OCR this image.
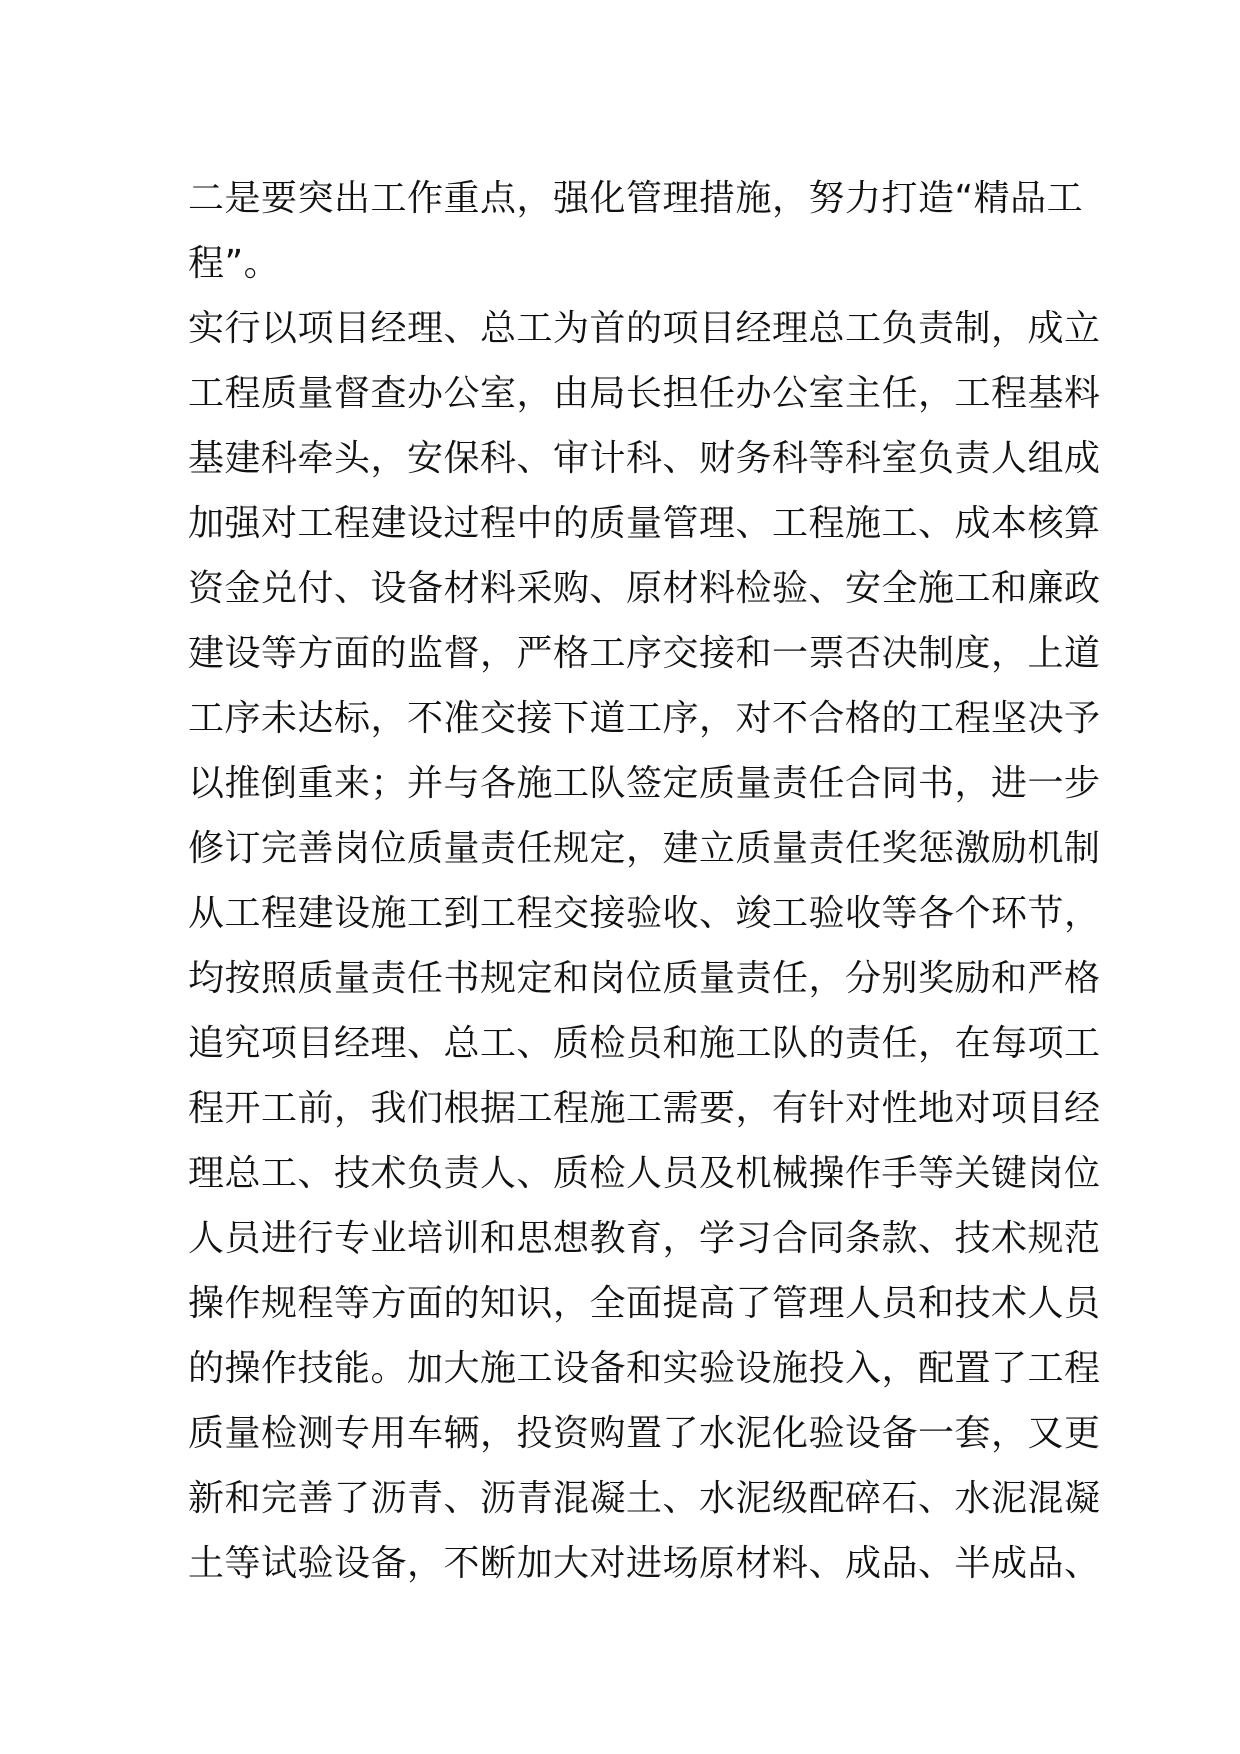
二是要突出工作重点，强化管理措施，努力打造“精品工
程”。
实行以项目经理、总工为首的项目经理总工负责制，成立
工程质量督查办公室，由局长担任办公室主任，工程基料
基建科牵头，安保科、审计科、财务科等科室负责人组成
加强对工程建设过程中的质量管理、工程施工、成本核算
资金兑付、设备材料采购、原材料检验、安全施工和廉政
建设等方面的监督，严格工序交接和一票否决制度，上道
工序未达标，不准交接下道工序，对不合格的工程坚决予
以推倒重来；并与各施工队签定质量责任合同书，进一步
修订完善岗位质量责任规定，建立质量责任奖惩激励机制
从工程建设施工到工程交接验收、竣工验收等各个环节，
均按照质量责任书规定和岗位质量责任，分别奖励和严格
追究项目经理、总工、质检员和施工队的责任，在每项工
程开工前，我们根据工程施工需要，有针对性地对项目经
理总工、技术负责人、质检人员及机械操作手等关键岗位
人员进行专业培训和思想教育，学习合同条款、技术规范
操作规程等方面的知识，全面提高了管理人员和技术人员
的操作技能。加大施工设备和实验设施投入，配置了工程
质量检测专用车辆，投资购置了水泥化验设备一套，又更
新和完善了沥青、沥青混凝土、水泥级配碎石、水泥混凝
土等试验设备，不断加大对进场原材料、成品、半成品、
